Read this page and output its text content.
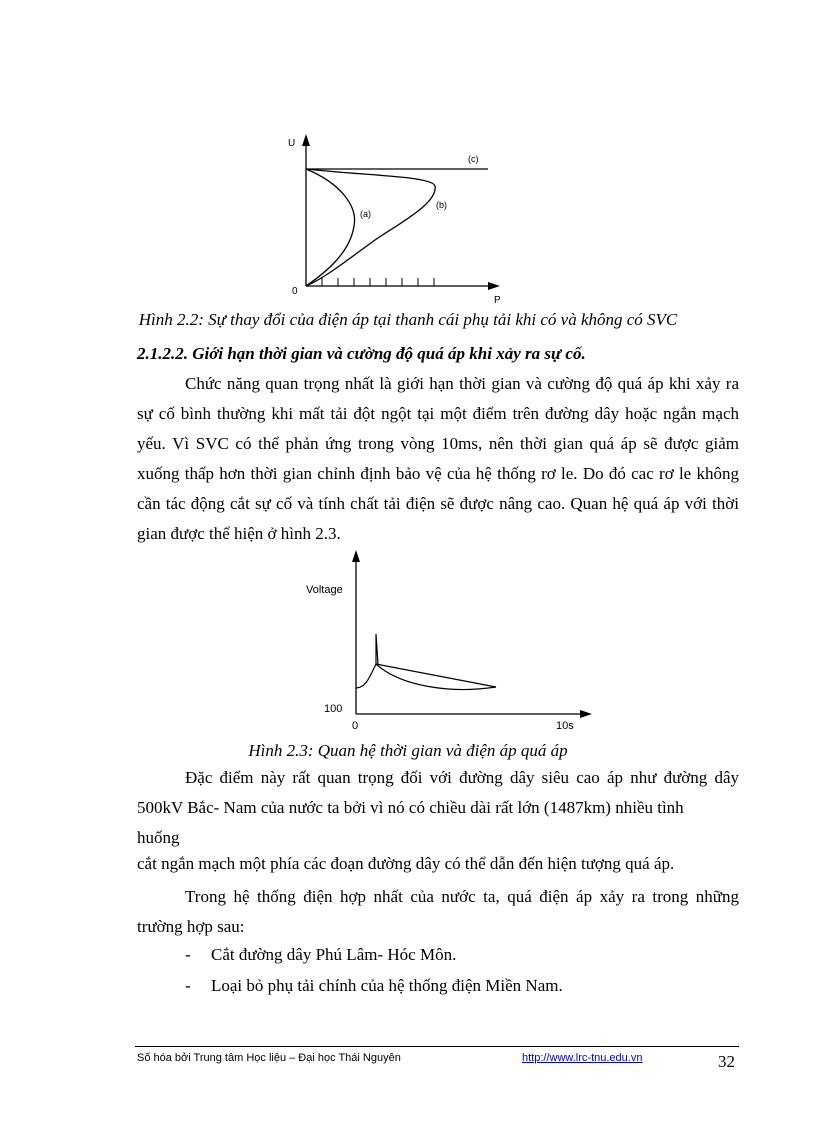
U
P
0
(c)
(b)
(a)
Hình 2.2: Sự thay đổi của điện áp tại thanh cái phụ tải khi có và không có SVC
2.1.2.2. Giới hạn thời gian và cường độ quá áp khi xảy ra sự cố.

Chức năng quan trọng nhất là giới hạn thời gian và cường độ quá áp khi xảy ra sự cố bình thường khi mất tải đột ngột tại một điểm trên đường dây hoặc ngắn mạch yếu. Vì SVC có thể phản ứng trong vòng 10ms, nên thời gian quá áp sẽ được giảm xuống thấp hơn thời gian chỉnh định bảo vệ của hệ thống rơ le. Do đó cac rơ le không cần tác động cắt sự cố và tính chất tải điện sẽ được nâng cao. Quan hệ quá áp với thời gian được thể hiện ở hình 2.3.

Voltage
100
0	10s
Hình 2.3: Quan hệ thời gian và điện áp quá áp

Đặc điểm này rất quan trọng đối với đường dây siêu cao áp như đường dây 500kV Bắc- Nam của nước ta bởi vì nó có chiều dài rất lớn (1487km) nhiều tình

huống

cắt ngắn mạch một phía các đoạn đường dây có thể dẫn đến hiện tượng quá áp.

Trong hệ thống điện hợp nhất của nước ta, quá điện áp xảy ra trong những trường hợp sau:

- Cắt đường dây Phú Lâm- Hóc Môn.
- Loại bỏ phụ tải chính của hệ thống điện Miền Nam.
Số hóa bởi Trung tâm Học liệu – Đại học Thái Nguyên	http://www.lrc-tnu.edu.vn	32
